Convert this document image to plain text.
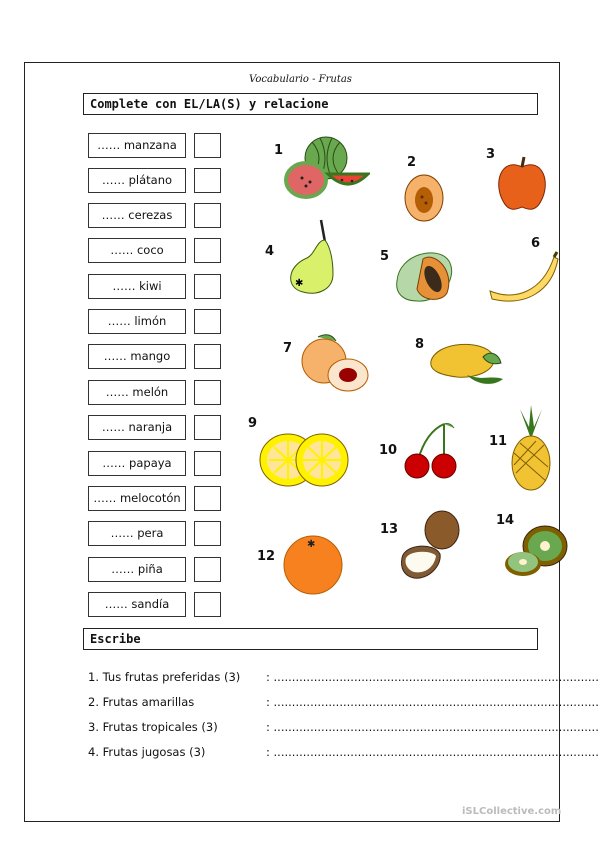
Vocabulario - Frutas
Complete con EL/LA(S) y relacione
…… manzana
…… plátano
…… cerezas
…… coco
…… kiwi
…… limón
…… mango
…… melón
…… naranja
…… papaya
…… melocotón
…… pera
…… piña
…… sandía
1
2
3
4	5
6
7	8
9
10
11
12
13
14
✱
✱
Escribe
1. Tus frutas preferidas (3) : .........................................................................................
2. Frutas amarillas	: .........................................................................................
3. Frutas tropicales (3)	: .........................................................................................
4. Frutas jugosas (3)	: .........................................................................................
iSLCollective.com
